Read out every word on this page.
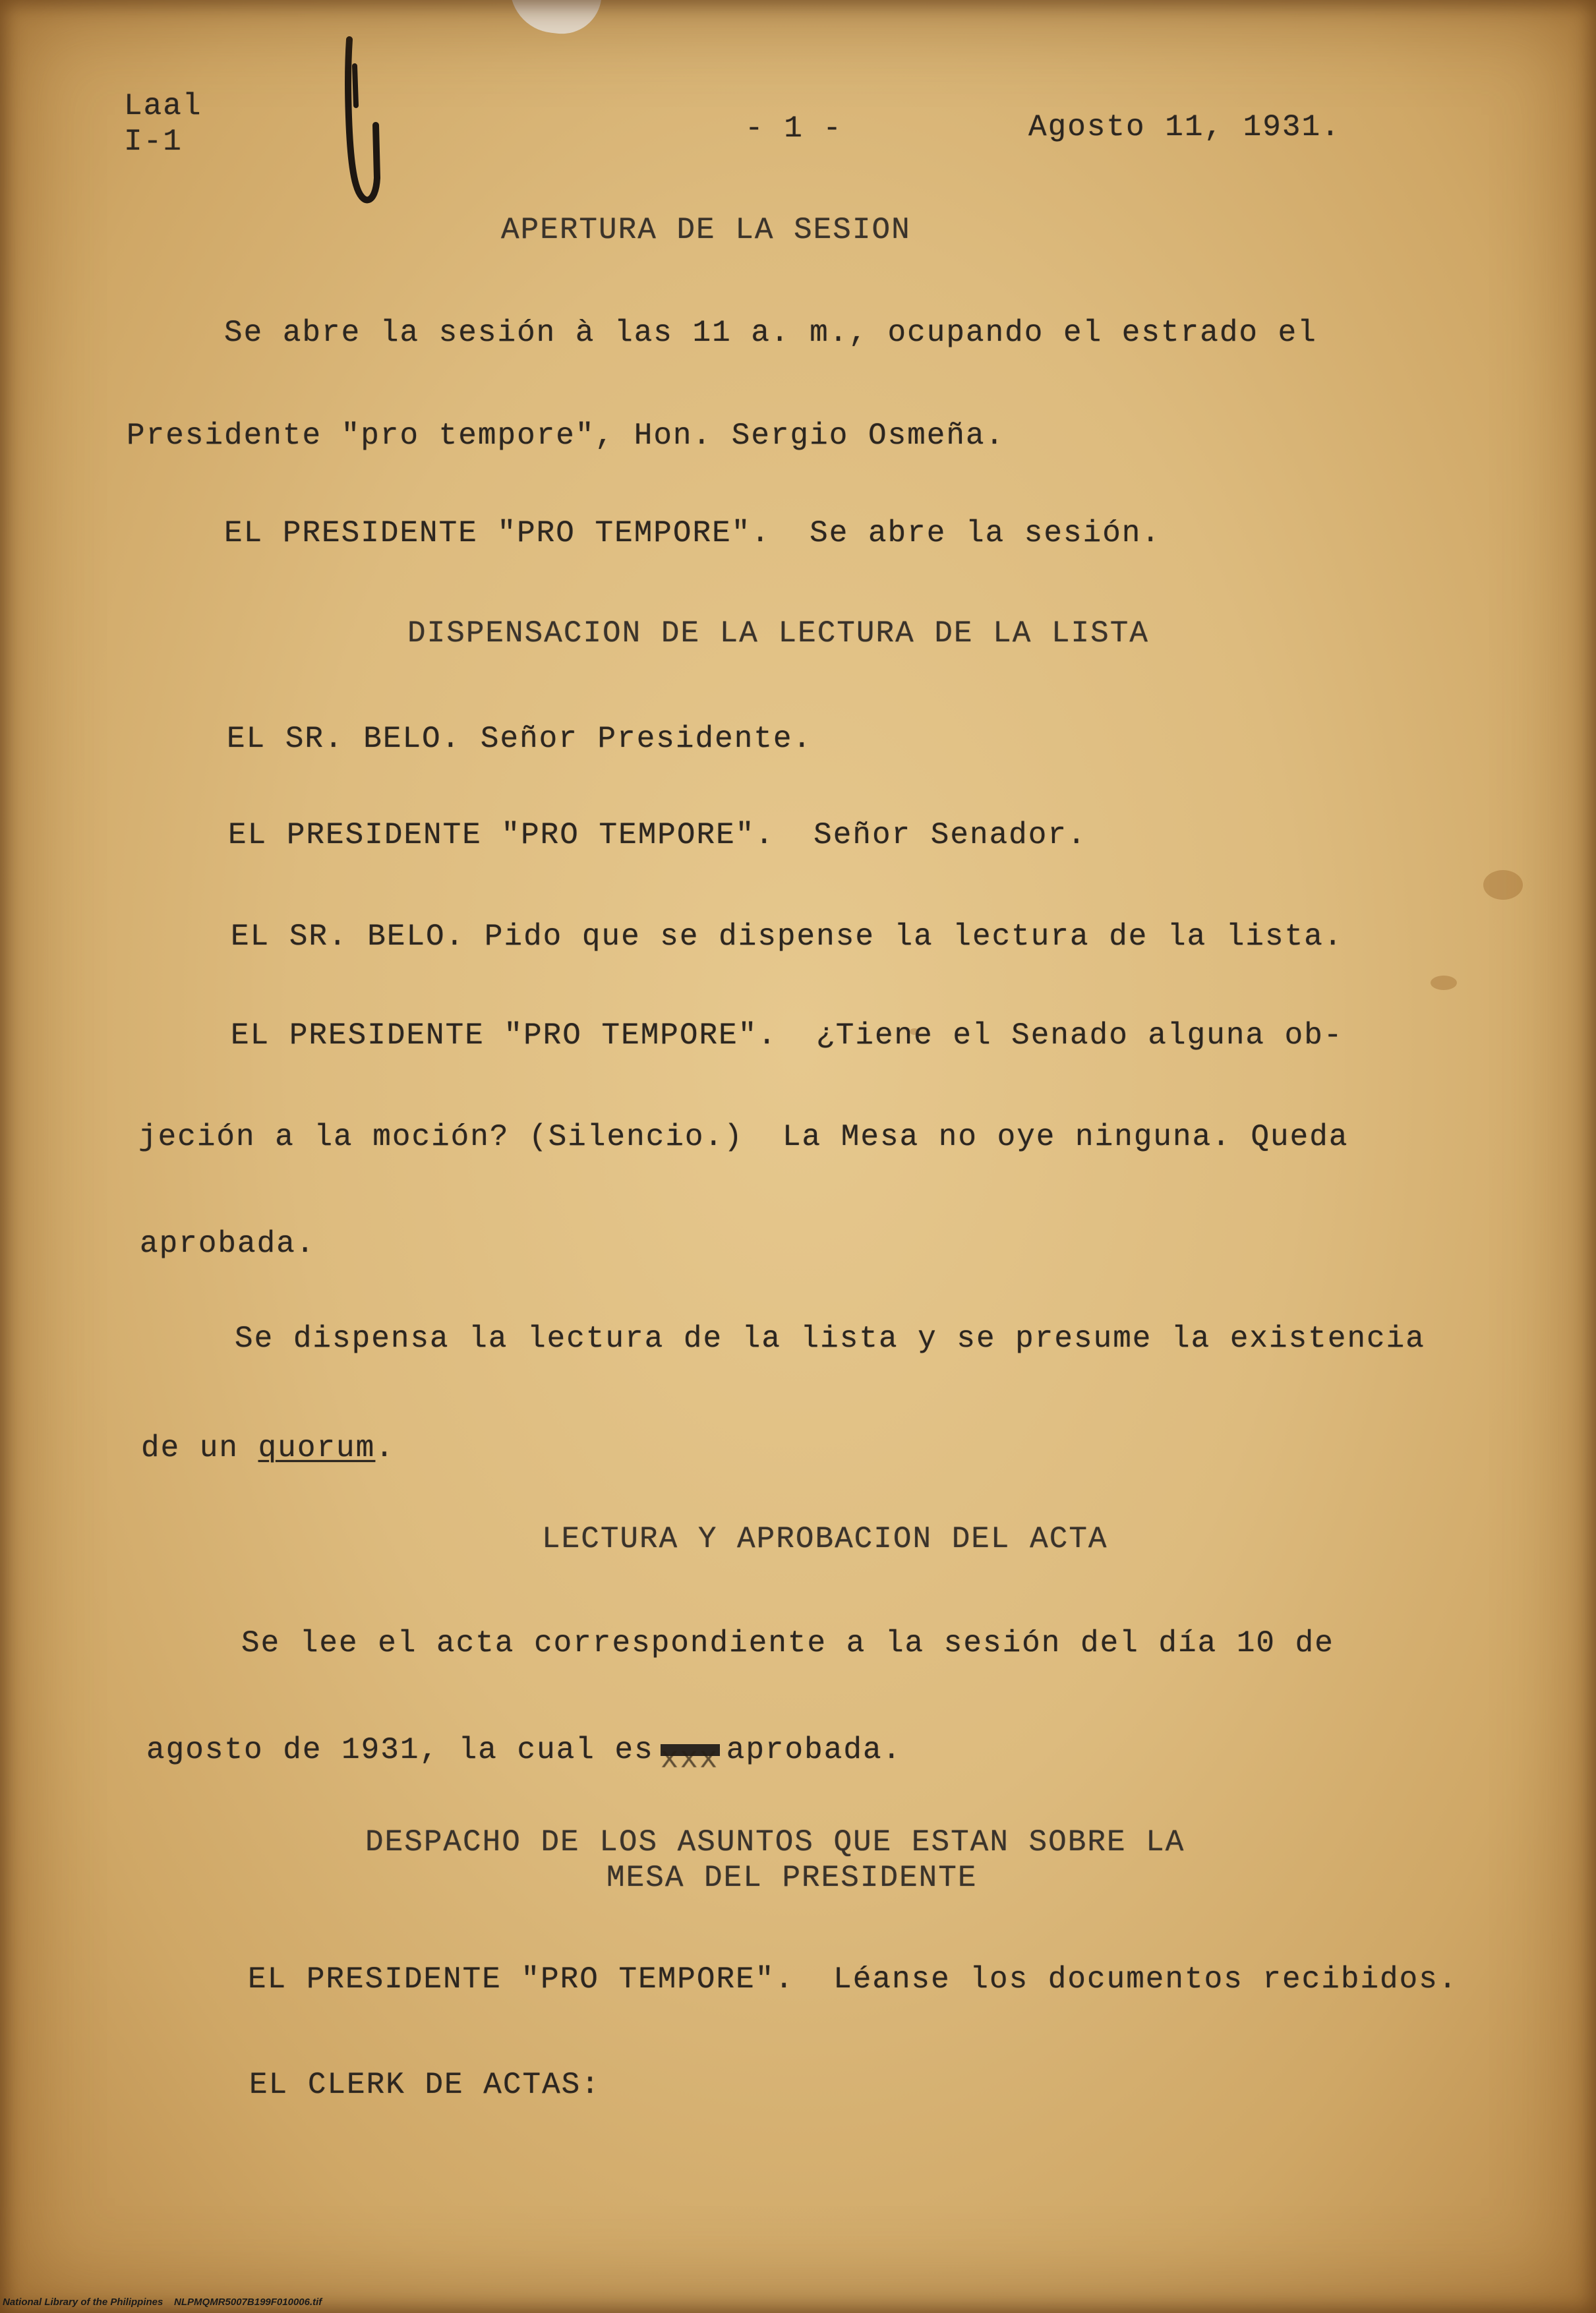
Laal
I-1	- 1 -	Agosto 11, 1931.
APERTURA DE LA SESION
Se abre la sesión à las 11 a. m., ocupando el estrado el
Presidente "pro tempore", Hon. Sergio Osmeña.
EL PRESIDENTE "PRO TEMPORE".  Se abre la sesión.
DISPENSACION DE LA LECTURA DE LA LISTA
EL SR. BELO. Señor Presidente.
EL PRESIDENTE "PRO TEMPORE".  Señor Senador.
EL SR. BELO. Pido que se dispense la lectura de la lista.
EL PRESIDENTE "PRO TEMPORE".  ¿Tiene el Senado alguna ob-
jeción a la moción? (Silencio.)  La Mesa no oye ninguna. Queda
aprobada.
Se dispensa la lectura de la lista y se presume la existencia
de un quorum.
LECTURA Y APROBACION DEL ACTA
Se lee el acta correspondiente a la sesión del día 10 de
agosto de 1931, la cual es xxx aprobada.
DESPACHO DE LOS ASUNTOS QUE ESTAN SOBRE LA
MESA DEL PRESIDENTE
EL PRESIDENTE "PRO TEMPORE".  Léanse los documentos recibidos.
EL CLERK DE ACTAS:
National Library of the Philippines    NLPMQMR5007B199F010006.tif
